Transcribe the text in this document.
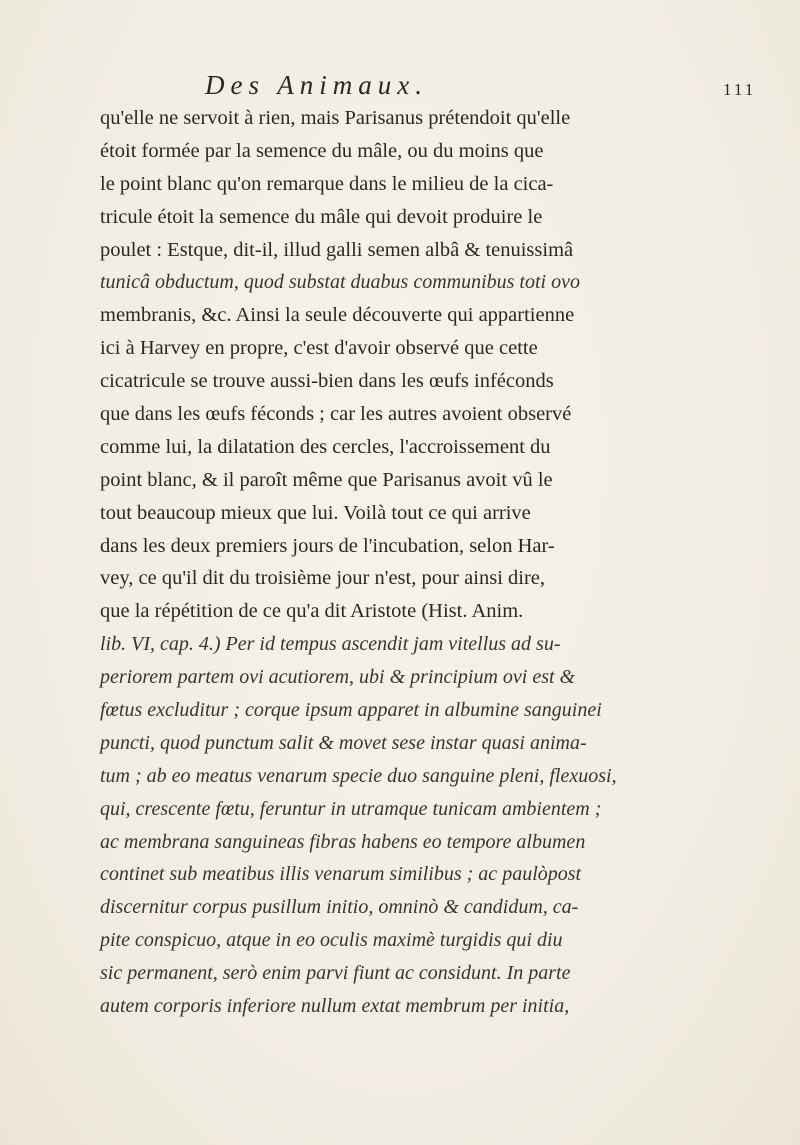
Des Animaux.	111
qu'elle ne servoit à rien, mais Parisanus prétendoit qu'elle
étoit formée par la semence du mâle, ou du moins que
le point blanc qu'on remarque dans le milieu de la cica-
tricule étoit la semence du mâle qui devoit produire le
poulet : Estque, dit-il, illud galli semen albâ & tenuissimâ
tunicâ obductum, quod substat duabus communibus toti ovo
membranis, &c. Ainsi la seule découverte qui appartienne
ici à Harvey en propre, c'est d'avoir observé que cette
cicatricule se trouve aussi-bien dans les œufs inféconds
que dans les œufs féconds ; car les autres avoient observé
comme lui, la dilatation des cercles, l'accroissement du
point blanc, & il paroît même que Parisanus avoit vû le
tout beaucoup mieux que lui. Voilà tout ce qui arrive
dans les deux premiers jours de l'incubation, selon Har-
vey, ce qu'il dit du troisième jour n'est, pour ainsi dire,
que la répétition de ce qu'a dit Aristote (Hist. Anim.
lib. VI, cap. 4.) Per id tempus ascendit jam vitellus ad su-
periorem partem ovi acutiorem, ubi & principium ovi est &
fœtus excluditur ; corque ipsum apparet in albumine sanguinei
puncti, quod punctum salit & movet sese instar quasi anima-
tum ; ab eo meatus venarum specie duo sanguine pleni, flexuosi,
qui, crescente fœtu, feruntur in utramque tunicam ambientem ;
ac membrana sanguineas fibras habens eo tempore albumen
continet sub meatibus illis venarum similibus ; ac paulòpost
discernitur corpus pusillum initio, omninò & candidum, ca-
pite conspicuo, atque in eo oculis maximè turgidis qui diu
sic permanent, serò enim parvi fiunt ac considunt. In parte
autem corporis inferiore nullum extat membrum per initia,
